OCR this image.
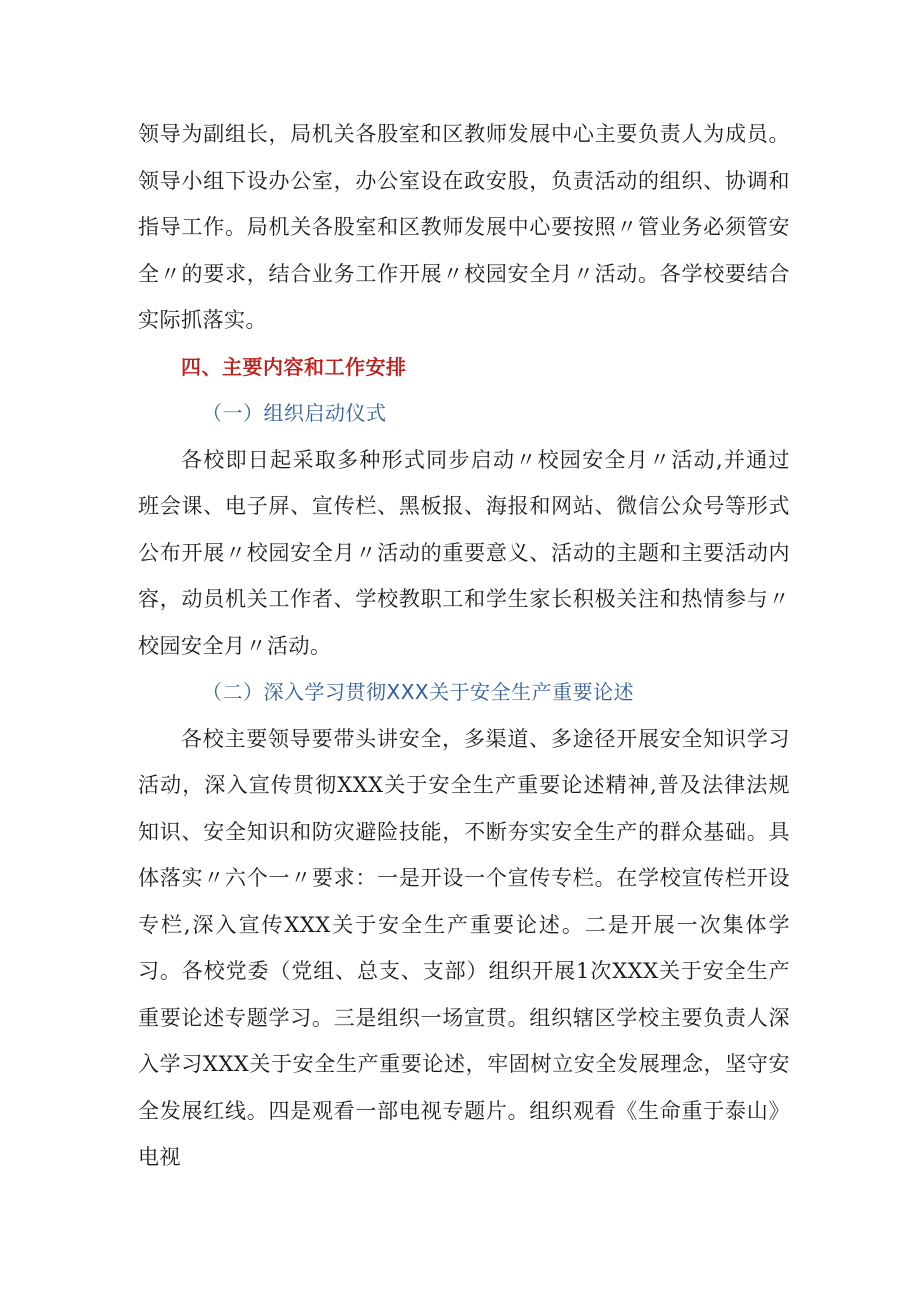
领导为副组长，局机关各股室和区教师发展中心主要负责人为成员。领导小组下设办公室，办公室设在政安股，负责活动的组织、协调和指导工作。局机关各股室和区教师发展中心要按照〃管业务必须管安全〃的要求，结合业务工作开展〃校园安全月〃活动。各学校要结合实际抓落实。

四、主要内容和工作安排

（一）组织启动仪式

各校即日起采取多种形式同步启动〃校园安全月〃活动,并通过班会课、电子屏、宣传栏、黑板报、海报和网站、微信公众号等形式公布开展〃校园安全月〃活动的重要意义、活动的主题和主要活动内容，动员机关工作者、学校教职工和学生家长积极关注和热情参与〃校园安全月〃活动。

（二）深入学习贯彻XXX关于安全生产重要论述

各校主要领导要带头讲安全，多渠道、多途径开展安全知识学习活动，深入宣传贯彻XXX关于安全生产重要论述精神,普及法律法规知识、安全知识和防灾避险技能，不断夯实安全生产的群众基础。具体落实〃六个一〃要求：一是开设一个宣传专栏。在学校宣传栏开设专栏,深入宣传XXX关于安全生产重要论述。二是开展一次集体学习。各校党委（党组、总支、支部）组织开展1次XXX关于安全生产重要论述专题学习。三是组织一场宣贯。组织辖区学校主要负责人深入学习XXX关于安全生产重要论述，牢固树立安全发展理念，坚守安全发展红线。四是观看一部电视专题片。组织观看《生命重于泰山》电视
